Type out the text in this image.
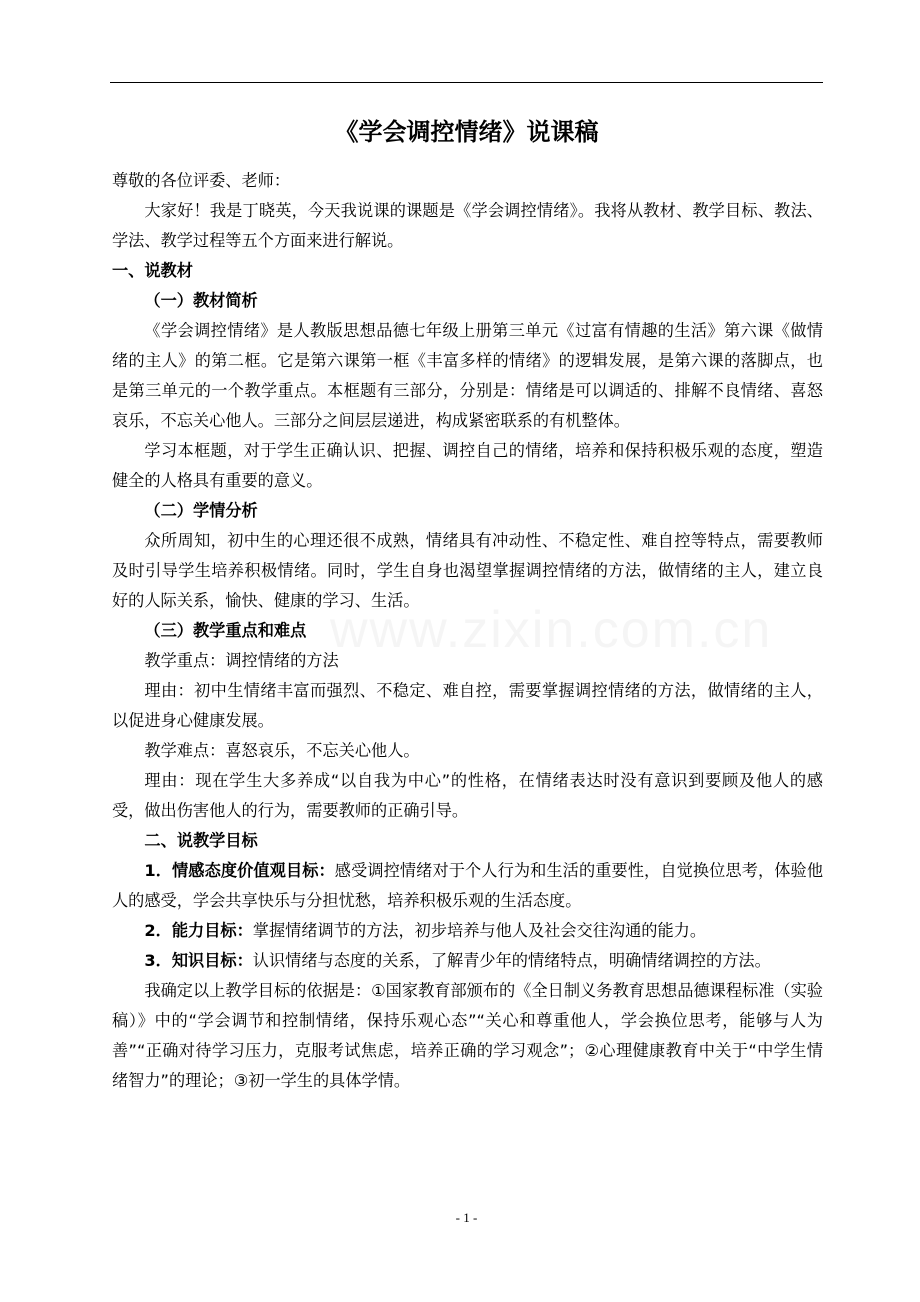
《学会调控情绪》说课稿
www.zixin.com.cn

尊敬的各位评委、老师：

大家好！我是丁晓英，今天我说课的课题是《学会调控情绪》。我将从教材、教学目标、教法、学法、教学过程等五个方面来进行解说。

一、说教材

（一）教材简析

《学会调控情绪》是人教版思想品德七年级上册第三单元《过富有情趣的生活》第六课《做情绪的主人》的第二框。它是第六课第一框《丰富多样的情绪》的逻辑发展，是第六课的落脚点，也是第三单元的一个教学重点。本框题有三部分，分别是：情绪是可以调适的、排解不良情绪、喜怒哀乐，不忘关心他人。三部分之间层层递进，构成紧密联系的有机整体。

学习本框题，对于学生正确认识、把握、调控自己的情绪，培养和保持积极乐观的态度，塑造健全的人格具有重要的意义。

（二）学情分析

众所周知，初中生的心理还很不成熟，情绪具有冲动性、不稳定性、难自控等特点，需要教师及时引导学生培养积极情绪。同时，学生自身也渴望掌握调控情绪的方法，做情绪的主人，建立良好的人际关系，愉快、健康的学习、生活。

（三）教学重点和难点

教学重点：调控情绪的方法

理由：初中生情绪丰富而强烈、不稳定、难自控，需要掌握调控情绪的方法，做情绪的主人，以促进身心健康发展。

教学难点：喜怒哀乐，不忘关心他人。

理由：现在学生大多养成“以自我为中心”的性格，在情绪表达时没有意识到要顾及他人的感受，做出伤害他人的行为，需要教师的正确引导。

二、说教学目标

1．情感态度价值观目标：感受调控情绪对于个人行为和生活的重要性，自觉换位思考，体验他人的感受，学会共享快乐与分担忧愁，培养积极乐观的生活态度。

2．能力目标：掌握情绪调节的方法，初步培养与他人及社会交往沟通的能力。

3．知识目标：认识情绪与态度的关系，了解青少年的情绪特点，明确情绪调控的方法。

我确定以上教学目标的依据是：①国家教育部颁布的《全日制义务教育思想品德课程标准（实验稿）》中的“学会调节和控制情绪，保持乐观心态”“关心和尊重他人，学会换位思考，能够与人为善”“正确对待学习压力，克服考试焦虑，培养正确的学习观念”；②心理健康教育中关于“中学生情绪智力”的理论；③初一学生的具体学情。

- 1 -
